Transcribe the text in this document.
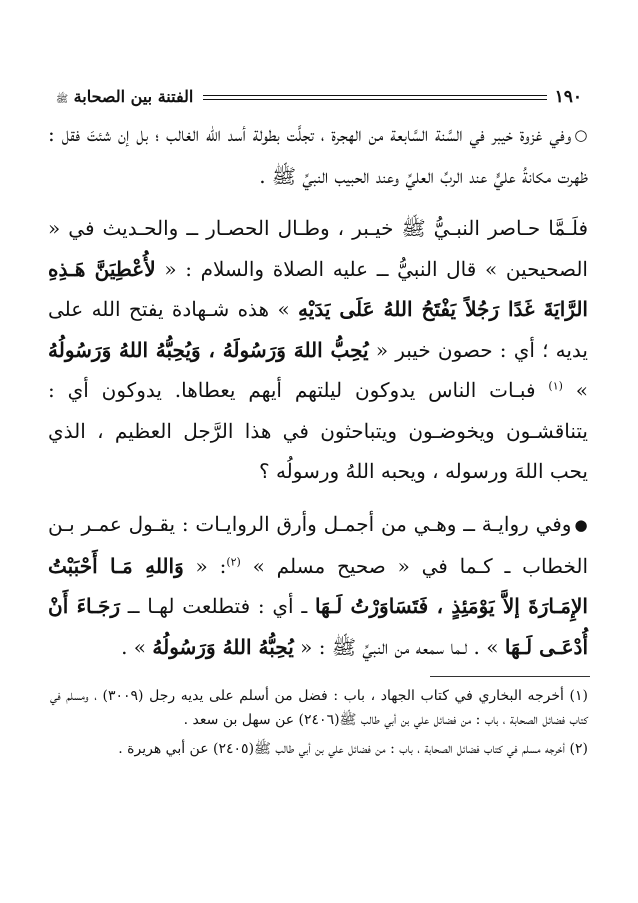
١٩٠
الفتنة بين الصحابة ﷺ

○وفي غزوة خيبر في السَّنة السَّابعة من الهجرة ، تجلَّت بطولة أسد الله الغالب ؛ بل إن شئتَ فقل : ظهرت مكانةُ عليٍّ عند الربِّ العليِّ وعند الحبيب النبيِّ ﷺ .

فلَـمَّا حـاصر النبـيُّ ﷺ خيـبر ، وطـال الحصـار ــ والحـديث في « الصحيحين » قال النبيُّ ــ عليه الصلاة والسلام : « لأُعْطِيَنَّ هَـذِهِ الرَّايَةَ غَدًا رَجُلاً يَفْتَحُ اللهُ عَلَى يَدَيْهِ » هذه شـهادة يفتح الله على يديه ؛ أي : حصون خيبر « يُحِبُّ اللهَ وَرَسُولَهُ ، وَيُحِبُّهُ اللهُ وَرَسُولُهُ » $^{(١)}$ فبـات الناس يدوكون ليلتهم أيهم يعطاها. يدوكون أي : يتناقشـون ويخوضـون ويتباحثون في هذا الرَّجل العظيم ، الذي يحب اللهَ ورسوله ، ويحبه اللهُ ورسولُه ؟

●وفي روايـة ــ وهـي من أجمـل وأرق الروايـات : يقـول عمـر بـن الخطاب ـ كـما في « صحيح مسلم » $^{(٢)}$: « وَاللهِ مَـا أَحْبَبْتُ الإِمَـارَةَ إلاَّ يَوْمَئِذٍ ، فَتَسَاوَرْتُ لَـهَا ـ أي : فتطلعت لهـا ــ رَجَـاءَ أَنْ أُدْعَـى لَـهَا » . لـما سمعه من النبيِّ ﷺ : « يُحِبُّهُ اللهُ وَرَسُولُهُ » .

(١) أخرجه البخاري في كتاب الجهاد ، باب : فضل من أسلم على يديه رجل (٣٠٠٩) ، ومسلم في كتاب فضائل الصحابة ، باب : من فضائل علي بن أبي طالب ﷺ(٢٤٠٦) عن سهل بن سعد .

(٢) أخرجه مسلم في كتاب فضائل الصحابة ، باب : من فضائل علي بن أبي طالب ﷺ(٢٤٠٥) عن أبي هريرة .
